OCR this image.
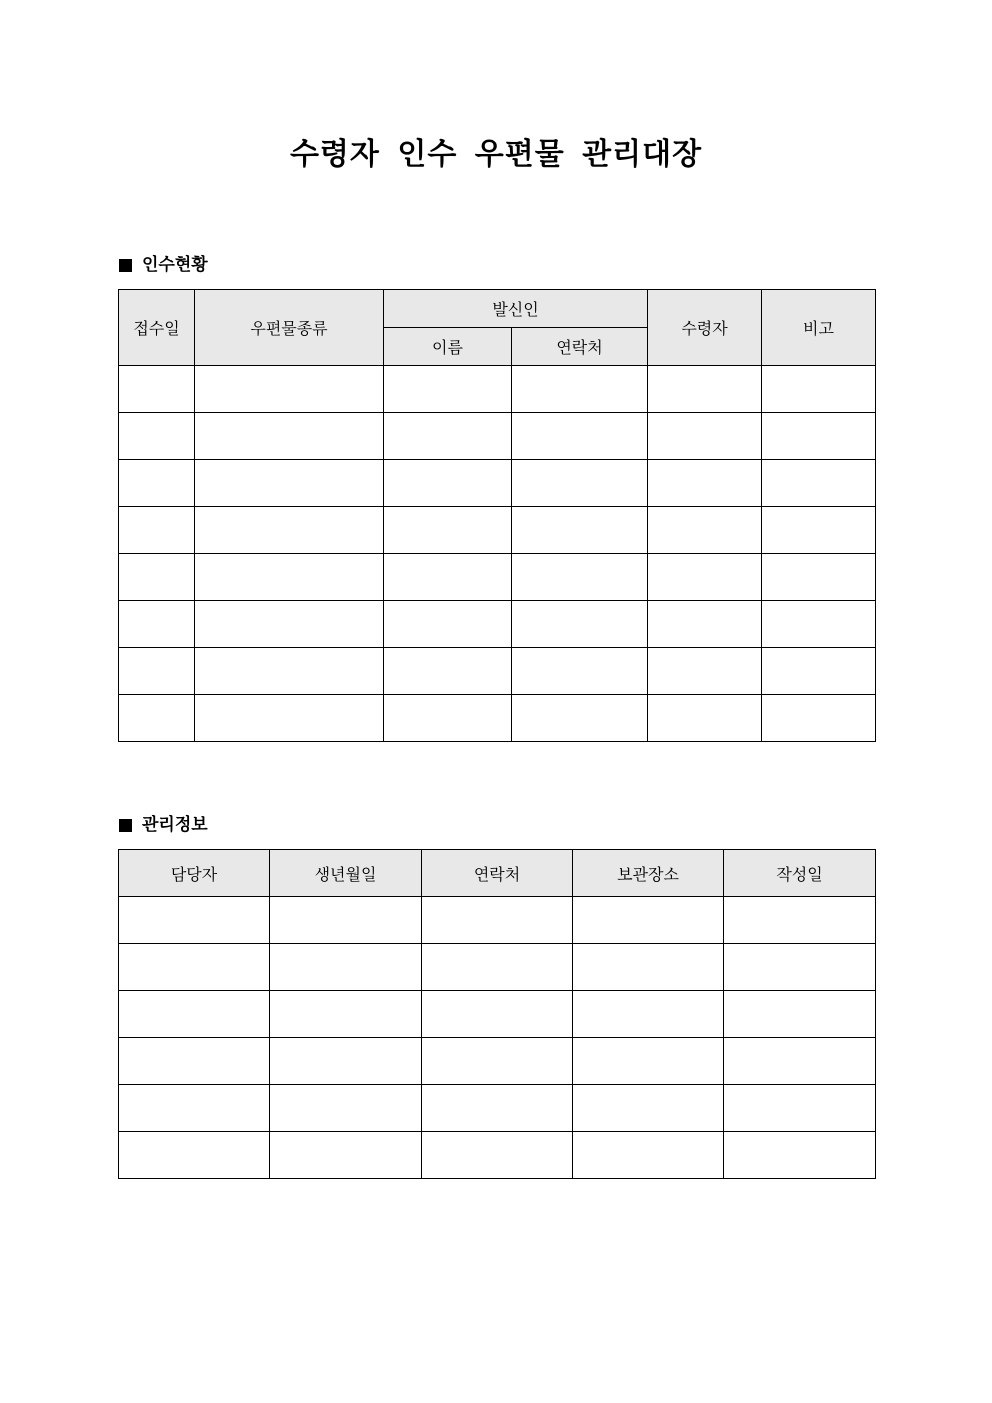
수령자 인수 우편물 관리대장
인수현황
접수일	우편물종류	발신인		수령자	비고
		이름	연락처		

관리정보
담당자	생년월일	연락처	보관장소	작성일
